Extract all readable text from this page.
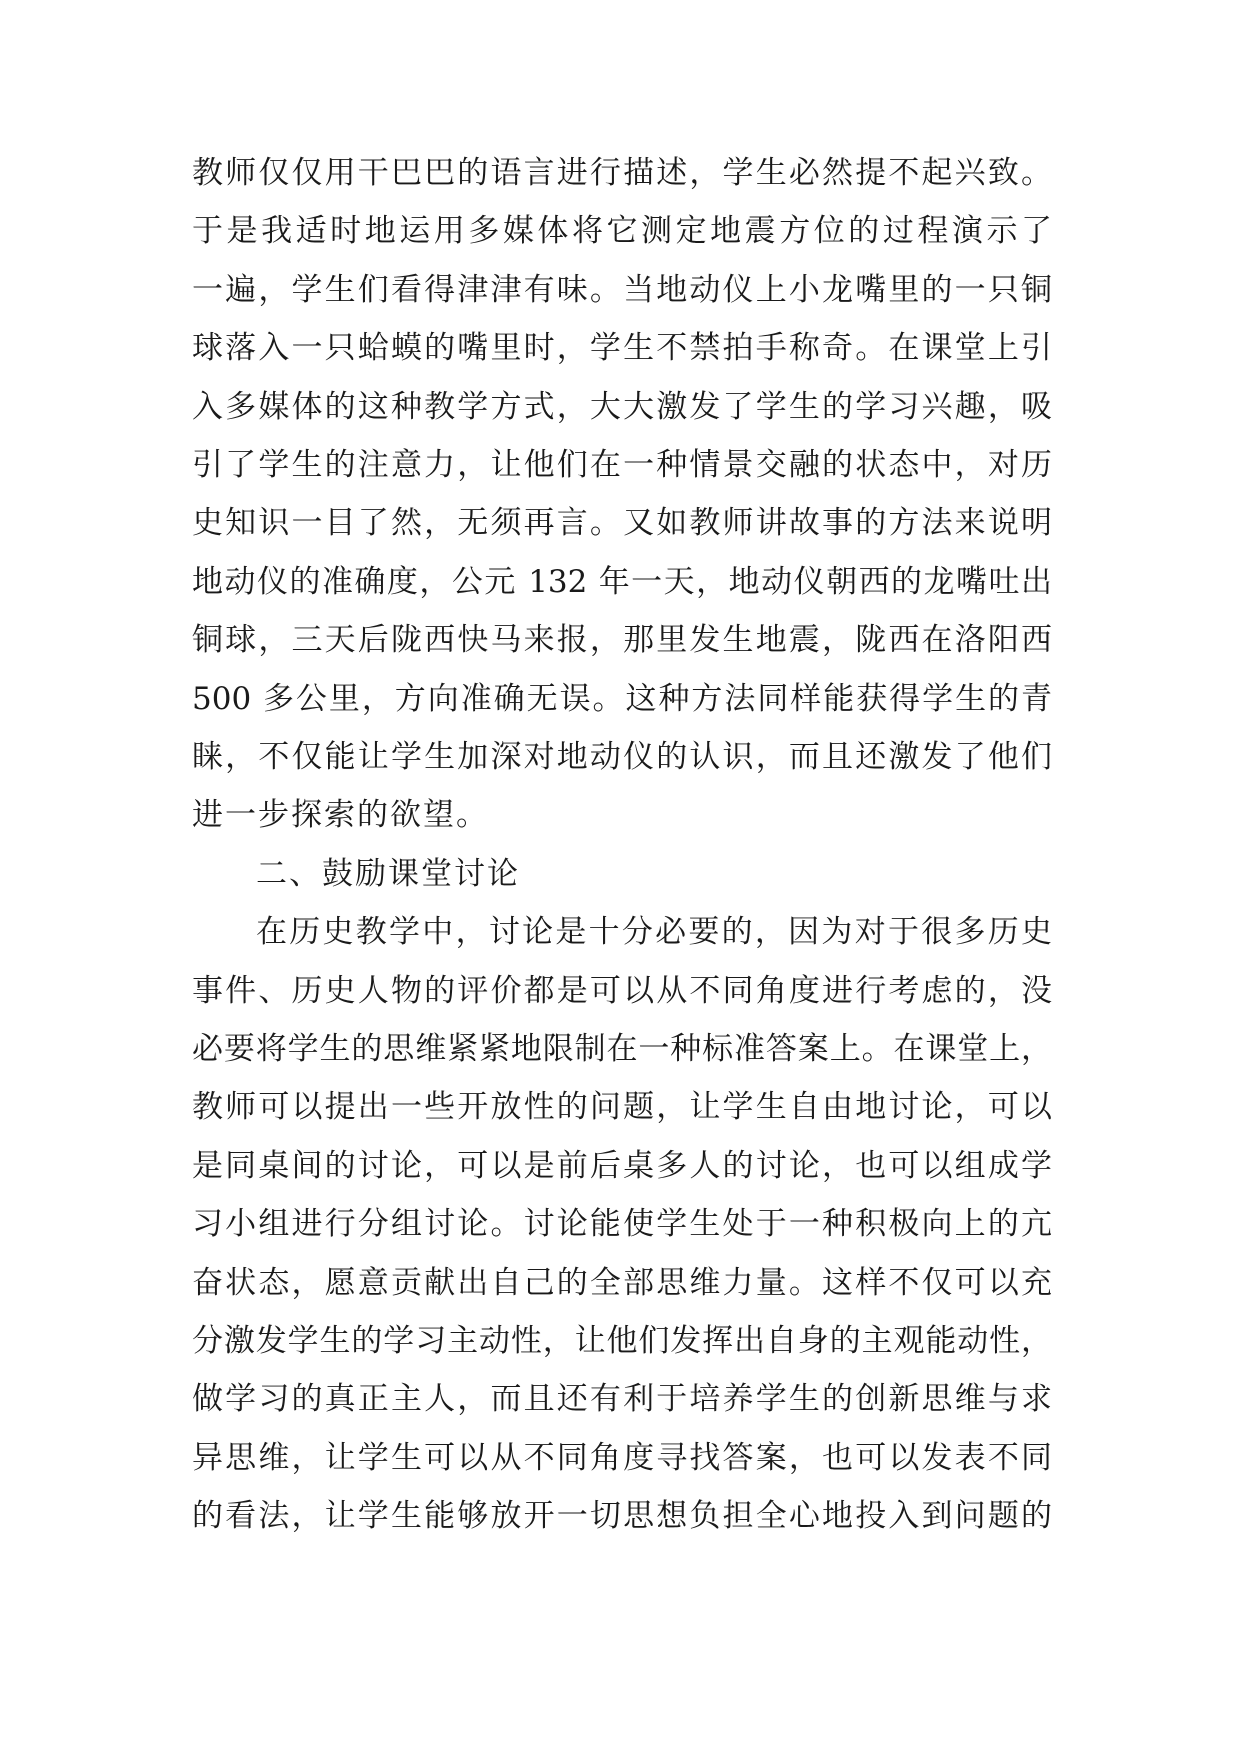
教师仅仅用干巴巴的语言进行描述，学生必然提不起兴致。
于是我适时地运用多媒体将它测定地震方位的过程演示了
一遍，学生们看得津津有味。当地动仪上小龙嘴里的一只铜
球落入一只蛤蟆的嘴里时，学生不禁拍手称奇。在课堂上引
入多媒体的这种教学方式，大大激发了学生的学习兴趣，吸
引了学生的注意力，让他们在一种情景交融的状态中，对历
史知识一目了然，无须再言。又如教师讲故事的方法来说明
地动仪的准确度，公元 132 年一天，地动仪朝西的龙嘴吐出
铜球，三天后陇西快马来报，那里发生地震，陇西在洛阳西
500 多公里，方向准确无误。这种方法同样能获得学生的青
睐，不仅能让学生加深对地动仪的认识，而且还激发了他们
进一步探索的欲望。
二、鼓励课堂讨论
在历史教学中，讨论是十分必要的，因为对于很多历史
事件、历史人物的评价都是可以从不同角度进行考虑的，没
必要将学生的思维紧紧地限制在一种标准答案上。在课堂上，
教师可以提出一些开放性的问题，让学生自由地讨论，可以
是同桌间的讨论，可以是前后桌多人的讨论，也可以组成学
习小组进行分组讨论。讨论能使学生处于一种积极向上的亢
奋状态，愿意贡献出自己的全部思维力量。这样不仅可以充
分激发学生的学习主动性，让他们发挥出自身的主观能动性，
做学习的真正主人，而且还有利于培养学生的创新思维与求
异思维，让学生可以从不同角度寻找答案，也可以发表不同
的看法，让学生能够放开一切思想负担全心地投入到问题的
